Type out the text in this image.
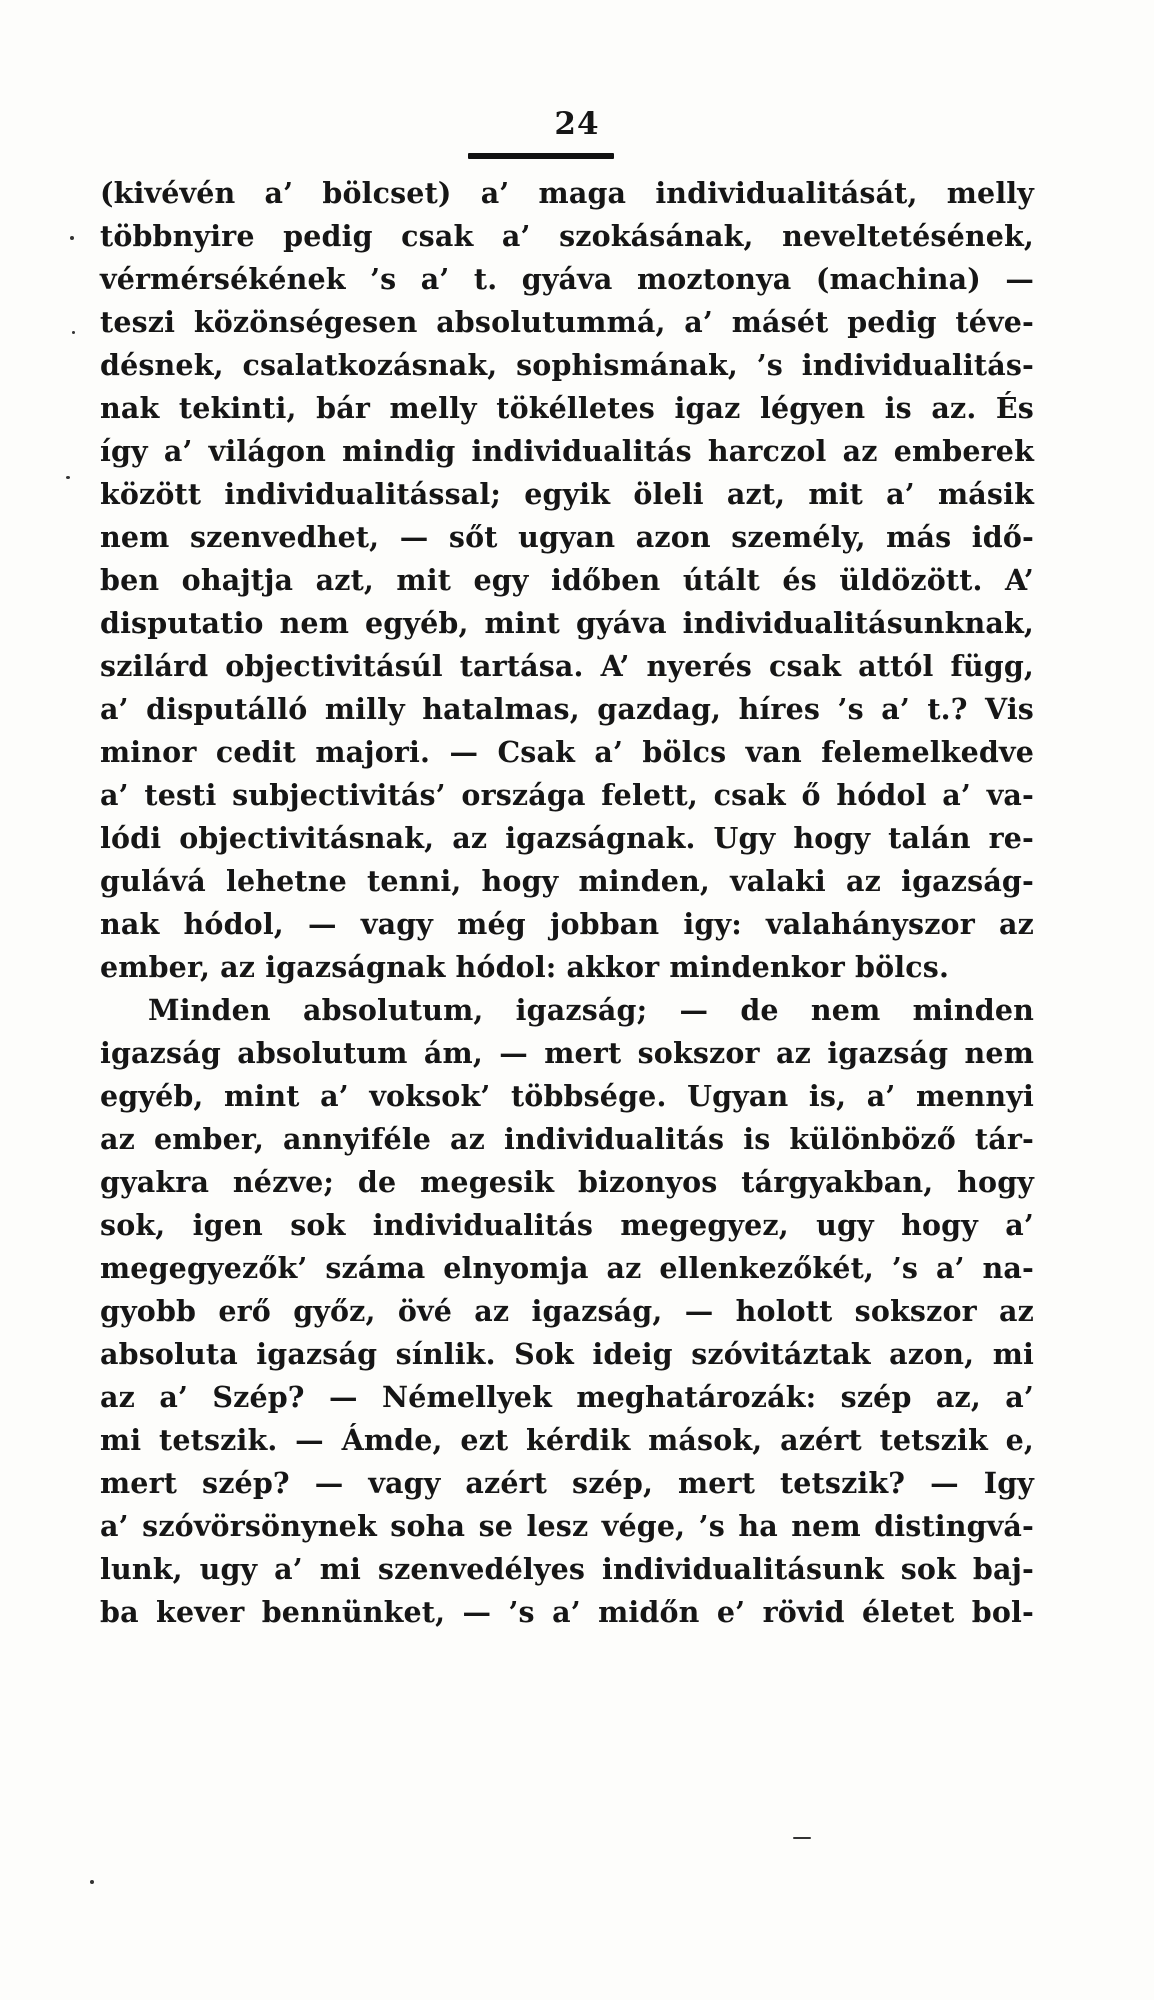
24
(kivévén a’ bölcset) a’ maga individualitását, melly
többnyire pedig csak a’ szokásának, neveltetésének,
vérmérsékének ’s a’ t. gyáva moztonya (machina) —
teszi közönségesen absolutummá, a’ másét pedig téve-
désnek, csalatkozásnak, sophismának, ’s individualitás-
nak tekinti, bár melly tökélletes igaz légyen is az. És
így a’ világon mindig individualitás harczol az emberek
között individualitással; egyik öleli azt, mit a’ másik
nem szenvedhet, — sőt ugyan azon személy, más idő-
ben ohajtja azt, mit egy időben útált és üldözött. A’
disputatio nem egyéb, mint gyáva individualitásunknak,
szilárd objectivitásúl tartása. A’ nyerés csak attól függ,
a’ disputálló milly hatalmas, gazdag, híres ’s a’ t.? Vis
minor cedit majori. — Csak a’ bölcs van felemelkedve
a’ testi subjectivitás’ országa felett, csak ő hódol a’ va-
lódi objectivitásnak, az igazságnak. Ugy hogy talán re-
gulává lehetne tenni, hogy minden, valaki az igazság-
nak hódol, — vagy még jobban igy: valahányszor az
ember, az igazságnak hódol: akkor mindenkor bölcs.
Minden absolutum, igazság; — de nem minden
igazság absolutum ám, — mert sokszor az igazság nem
egyéb, mint a’ voksok’ többsége. Ugyan is, a’ mennyi
az ember, annyiféle az individualitás is különböző tár-
gyakra nézve; de megesik bizonyos tárgyakban, hogy
sok, igen sok individualitás megegyez, ugy hogy a’
megegyezők’ száma elnyomja az ellenkezőkét, ’s a’ na-
gyobb erő győz, övé az igazság, — holott sokszor az
absoluta igazság sínlik. Sok ideig szóvitáztak azon, mi
az a’ Szép? — Némellyek meghatározák: szép az, a’
mi tetszik. — Ámde, ezt kérdik mások, azért tetszik e,
mert szép? — vagy azért szép, mert tetszik? — Igy
a’ szóvörsönynek soha se lesz vége, ’s ha nem distingvá-
lunk, ugy a’ mi szenvedélyes individualitásunk sok baj-
ba kever bennünket, — ’s a’ midőn e’ rövid életet bol-
